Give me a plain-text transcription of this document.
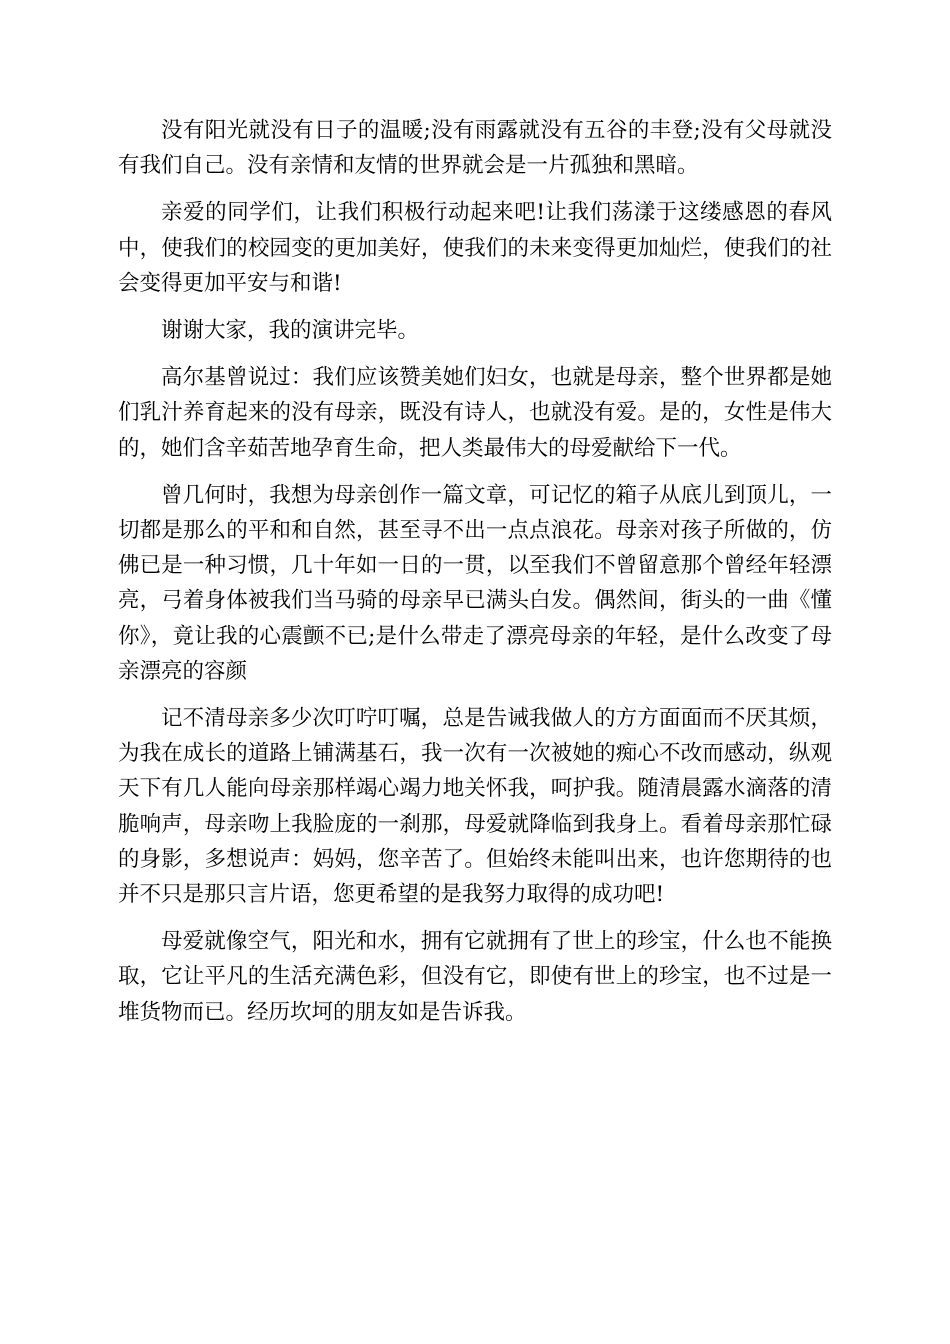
没有阳光就没有日子的温暖;没有雨露就没有五谷的丰登;没有父母就没有我们自己。没有亲情和友情的世界就会是一片孤独和黑暗。

亲爱的同学们，让我们积极行动起来吧!让我们荡漾于这缕感恩的春风中，使我们的校园变的更加美好，使我们的未来变得更加灿烂，使我们的社会变得更加平安与和谐!

谢谢大家，我的演讲完毕。

高尔基曾说过：我们应该赞美她们妇女，也就是母亲，整个世界都是她们乳汁养育起来的没有母亲，既没有诗人，也就没有爱。是的，女性是伟大的，她们含辛茹苦地孕育生命，把人类最伟大的母爱献给下一代。

曾几何时，我想为母亲创作一篇文章，可记忆的箱子从底儿到顶儿，一切都是那么的平和和自然，甚至寻不出一点点浪花。母亲对孩子所做的，仿佛已是一种习惯，几十年如一日的一贯，以至我们不曾留意那个曾经年轻漂亮，弓着身体被我们当马骑的母亲早已满头白发。偶然间，街头的一曲《懂你》，竟让我的心震颤不已;是什么带走了漂亮母亲的年轻，是什么改变了母亲漂亮的容颜

记不清母亲多少次叮咛叮嘱，总是告诫我做人的方方面面而不厌其烦，为我在成长的道路上铺满基石，我一次有一次被她的痴心不改而感动，纵观天下有几人能向母亲那样竭心竭力地关怀我，呵护我。随清晨露水滴落的清脆响声，母亲吻上我脸庞的一刹那，母爱就降临到我身上。看着母亲那忙碌的身影，多想说声：妈妈，您辛苦了。但始终未能叫出来，也许您期待的也并不只是那只言片语，您更希望的是我努力取得的成功吧!

母爱就像空气，阳光和水，拥有它就拥有了世上的珍宝，什么也不能换取，它让平凡的生活充满色彩，但没有它，即使有世上的珍宝，也不过是一堆货物而已。经历坎坷的朋友如是告诉我。
